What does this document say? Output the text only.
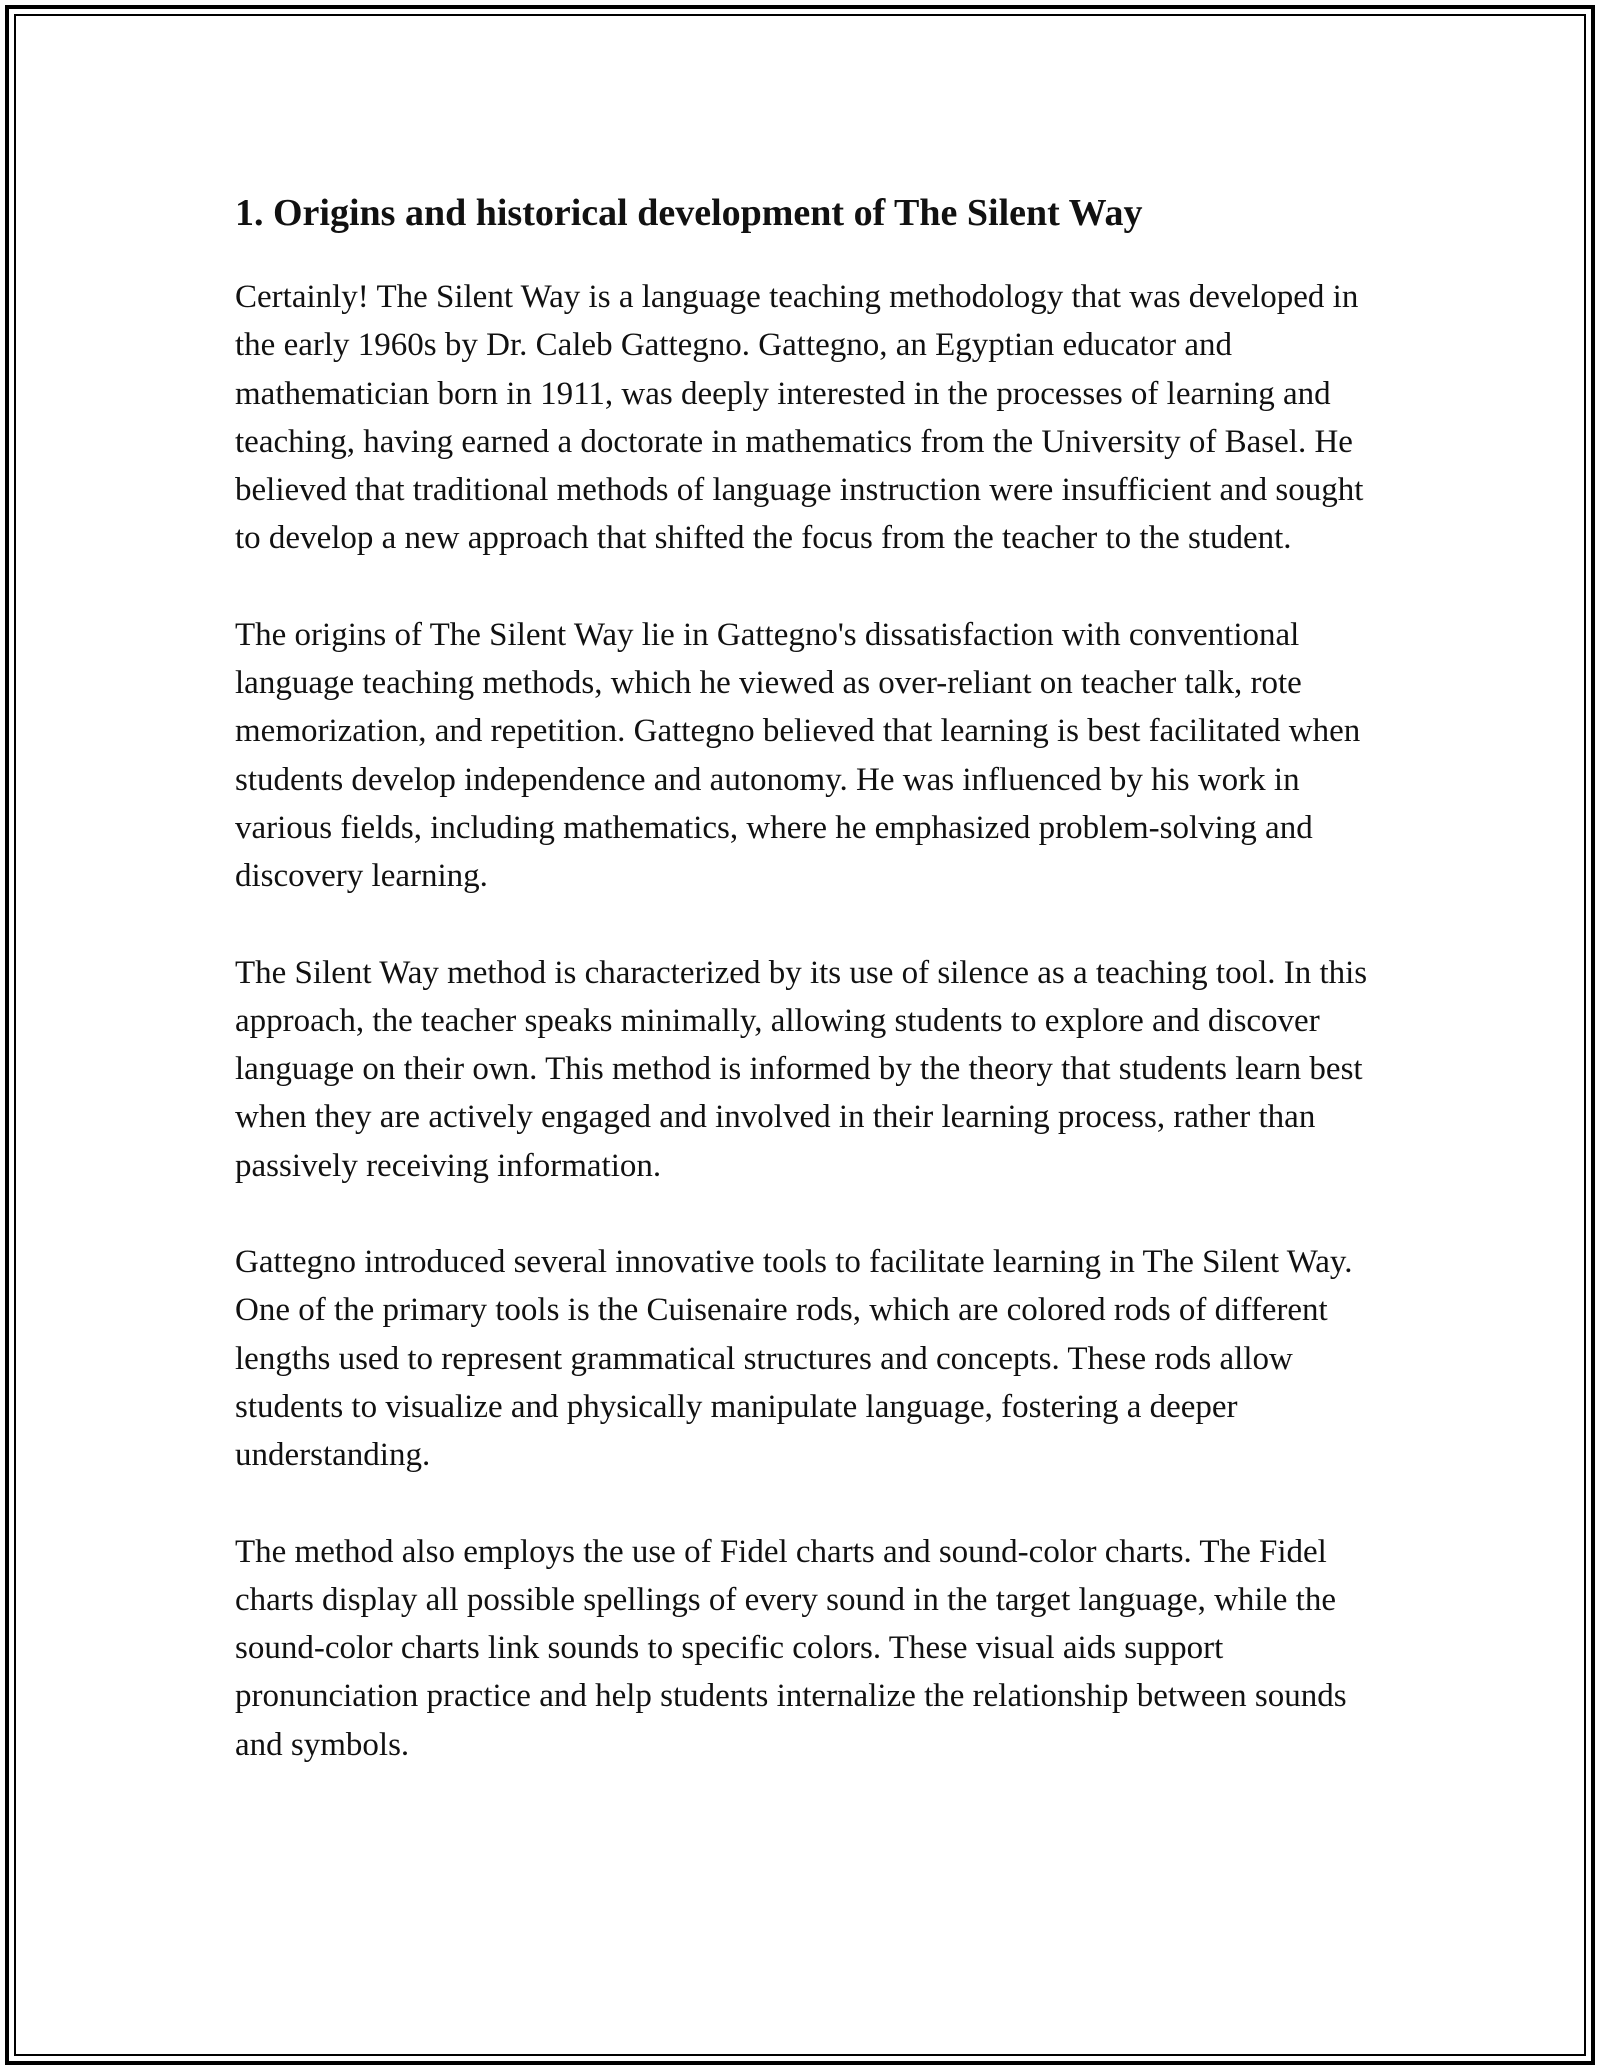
1. Origins and historical development of The Silent Way

Certainly! The Silent Way is a language teaching methodology that was developed in the early 1960s by Dr. Caleb Gattegno. Gattegno, an Egyptian educator and mathematician born in 1911, was deeply interested in the processes of learning and teaching, having earned a doctorate in mathematics from the University of Basel. He believed that traditional methods of language instruction were insufficient and sought to develop a new approach that shifted the focus from the teacher to the student.

The origins of The Silent Way lie in Gattegno's dissatisfaction with conventional language teaching methods, which he viewed as over-reliant on teacher talk, rote memorization, and repetition. Gattegno believed that learning is best facilitated when students develop independence and autonomy. He was influenced by his work in various fields, including mathematics, where he emphasized problem-solving and discovery learning.

The Silent Way method is characterized by its use of silence as a teaching tool. In this approach, the teacher speaks minimally, allowing students to explore and discover language on their own. This method is informed by the theory that students learn best when they are actively engaged and involved in their learning process, rather than passively receiving information.

Gattegno introduced several innovative tools to facilitate learning in The Silent Way. One of the primary tools is the Cuisenaire rods, which are colored rods of different lengths used to represent grammatical structures and concepts. These rods allow students to visualize and physically manipulate language, fostering a deeper understanding.

The method also employs the use of Fidel charts and sound-color charts. The Fidel charts display all possible spellings of every sound in the target language, while the sound-color charts link sounds to specific colors. These visual aids support pronunciation practice and help students internalize the relationship between sounds and symbols.
